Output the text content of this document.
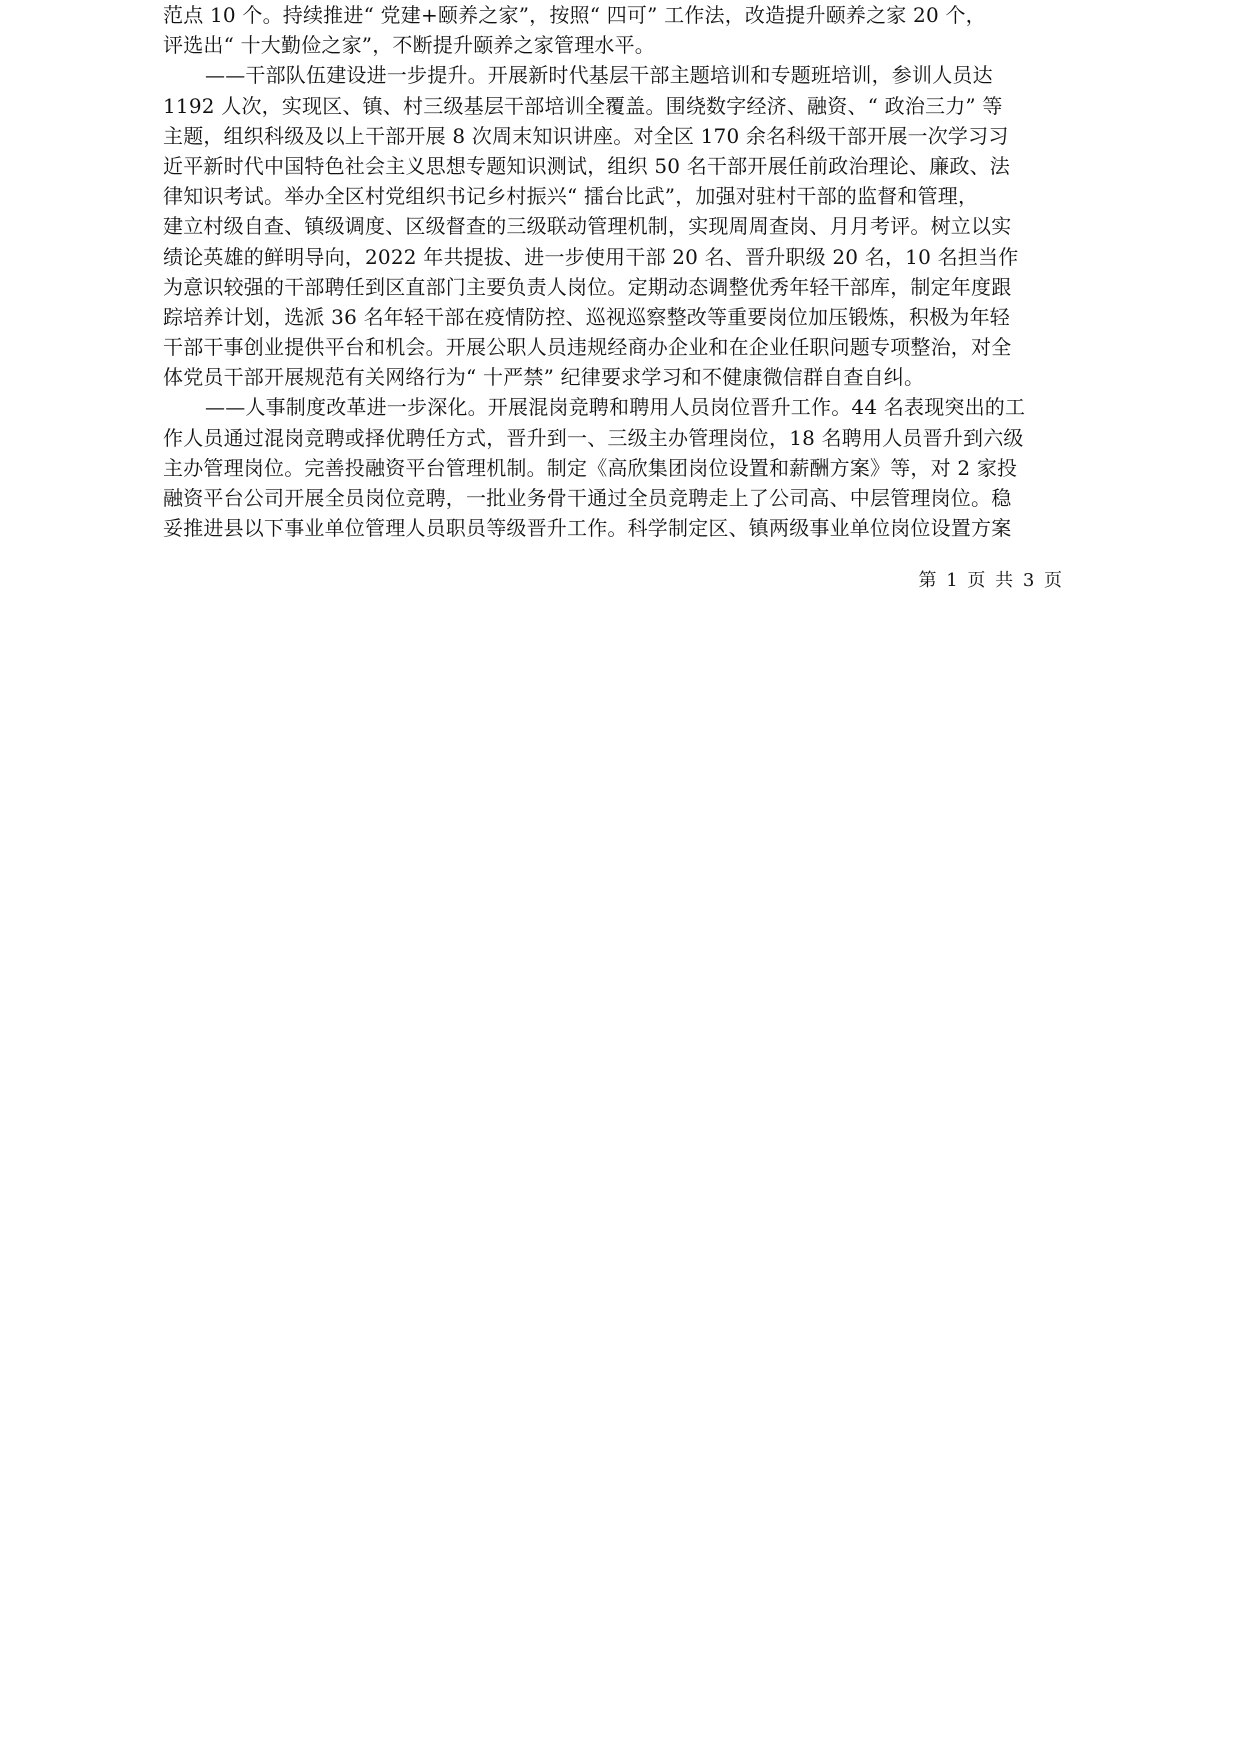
范点 10 个。持续推进“ 党建+颐养之家”，按照“ 四可” 工作法，改造提升颐养之家 20 个，
评选出“ 十大勤俭之家”，不断提升颐养之家管理水平。
——干部队伍建设进一步提升。开展新时代基层干部主题培训和专题班培训，参训人员达
1192 人次，实现区、镇、村三级基层干部培训全覆盖。围绕数字经济、融资、“ 政治三力” 等
主题，组织科级及以上干部开展 8 次周末知识讲座。对全区 170 余名科级干部开展一次学习习
近平新时代中国特色社会主义思想专题知识测试，组织 50 名干部开展任前政治理论、廉政、法
律知识考试。举办全区村党组织书记乡村振兴“ 擂台比武”，加强对驻村干部的监督和管理，
建立村级自查、镇级调度、区级督查的三级联动管理机制，实现周周查岗、月月考评。树立以实
绩论英雄的鲜明导向，2022 年共提拔、进一步使用干部 20 名、晋升职级 20 名，10 名担当作
为意识较强的干部聘任到区直部门主要负责人岗位。定期动态调整优秀年轻干部库，制定年度跟
踪培养计划，选派 36 名年轻干部在疫情防控、巡视巡察整改等重要岗位加压锻炼，积极为年轻
干部干事创业提供平台和机会。开展公职人员违规经商办企业和在企业任职问题专项整治，对全
体党员干部开展规范有关网络行为“ 十严禁” 纪律要求学习和不健康微信群自查自纠。
——人事制度改革进一步深化。开展混岗竞聘和聘用人员岗位晋升工作。44 名表现突出的工
作人员通过混岗竞聘或择优聘任方式，晋升到一、三级主办管理岗位，18 名聘用人员晋升到六级
主办管理岗位。完善投融资平台管理机制。制定《高欣集团岗位设置和薪酬方案》等，对 2 家投
融资平台公司开展全员岗位竞聘，一批业务骨干通过全员竞聘走上了公司高、中层管理岗位。稳
妥推进县以下事业单位管理人员职员等级晋升工作。科学制定区、镇两级事业单位岗位设置方案
第 1 页 共 3 页
